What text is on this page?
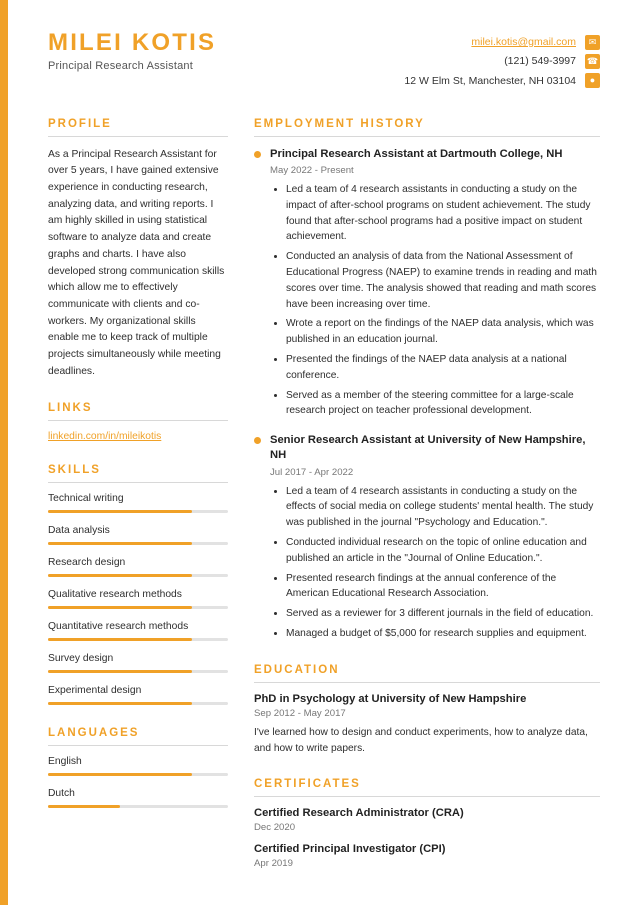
MILEI KOTIS
Principal Research Assistant
milei.kotis@gmail.com	✉
(121) 549-3997 ☎
12 W Elm St, Manchester, NH 03104	●
PROFILE
As a Principal Research Assistant for over 5 years, I have gained extensive experience in conducting research, analyzing data, and writing reports. I am highly skilled in using statistical software to analyze data and create graphs and charts. I have also developed strong communication skills which allow me to effectively communicate with clients and co-workers. My organizational skills enable me to keep track of multiple projects simultaneously while meeting deadlines.
LINKS
linkedin.com/in/mileikotis
SKILLS
Technical writing
Data analysis
Research design
Qualitative research methods
Quantitative research methods
Survey design
Experimental design
LANGUAGES
English
Dutch
EMPLOYMENT HISTORY
Principal Research Assistant at Dartmouth College, NH
May 2022 - Present
• Led a team of 4 research assistants in conducting a study on the impact of after-school programs on student achievement. The study found that after-school programs had a positive impact on student achievement.
• Conducted an analysis of data from the National Assessment of Educational Progress (NAEP) to examine trends in reading and math scores over time. The analysis showed that reading and math scores have been increasing over time.
• Wrote a report on the findings of the NAEP data analysis, which was published in an education journal.
• Presented the findings of the NAEP data analysis at a national conference.
• Served as a member of the steering committee for a large-scale research project on teacher professional development.
Senior Research Assistant at University of New Hampshire, NH
Jul 2017 - Apr 2022
• Led a team of 4 research assistants in conducting a study on the effects of social media on college students' mental health. The study was published in the journal "Psychology and Education.".
• Conducted individual research on the topic of online education and published an article in the "Journal of Online Education.".
• Presented research findings at the annual conference of the American Educational Research Association.
• Served as a reviewer for 3 different journals in the field of education.
• Managed a budget of $5,000 for research supplies and equipment.
EDUCATION
PhD in Psychology at University of New Hampshire
Sep 2012 - May 2017
I've learned how to design and conduct experiments, how to analyze data, and how to write papers.
CERTIFICATES
Certified Research Administrator (CRA)
Dec 2020
Certified Principal Investigator (CPI)
Apr 2019
